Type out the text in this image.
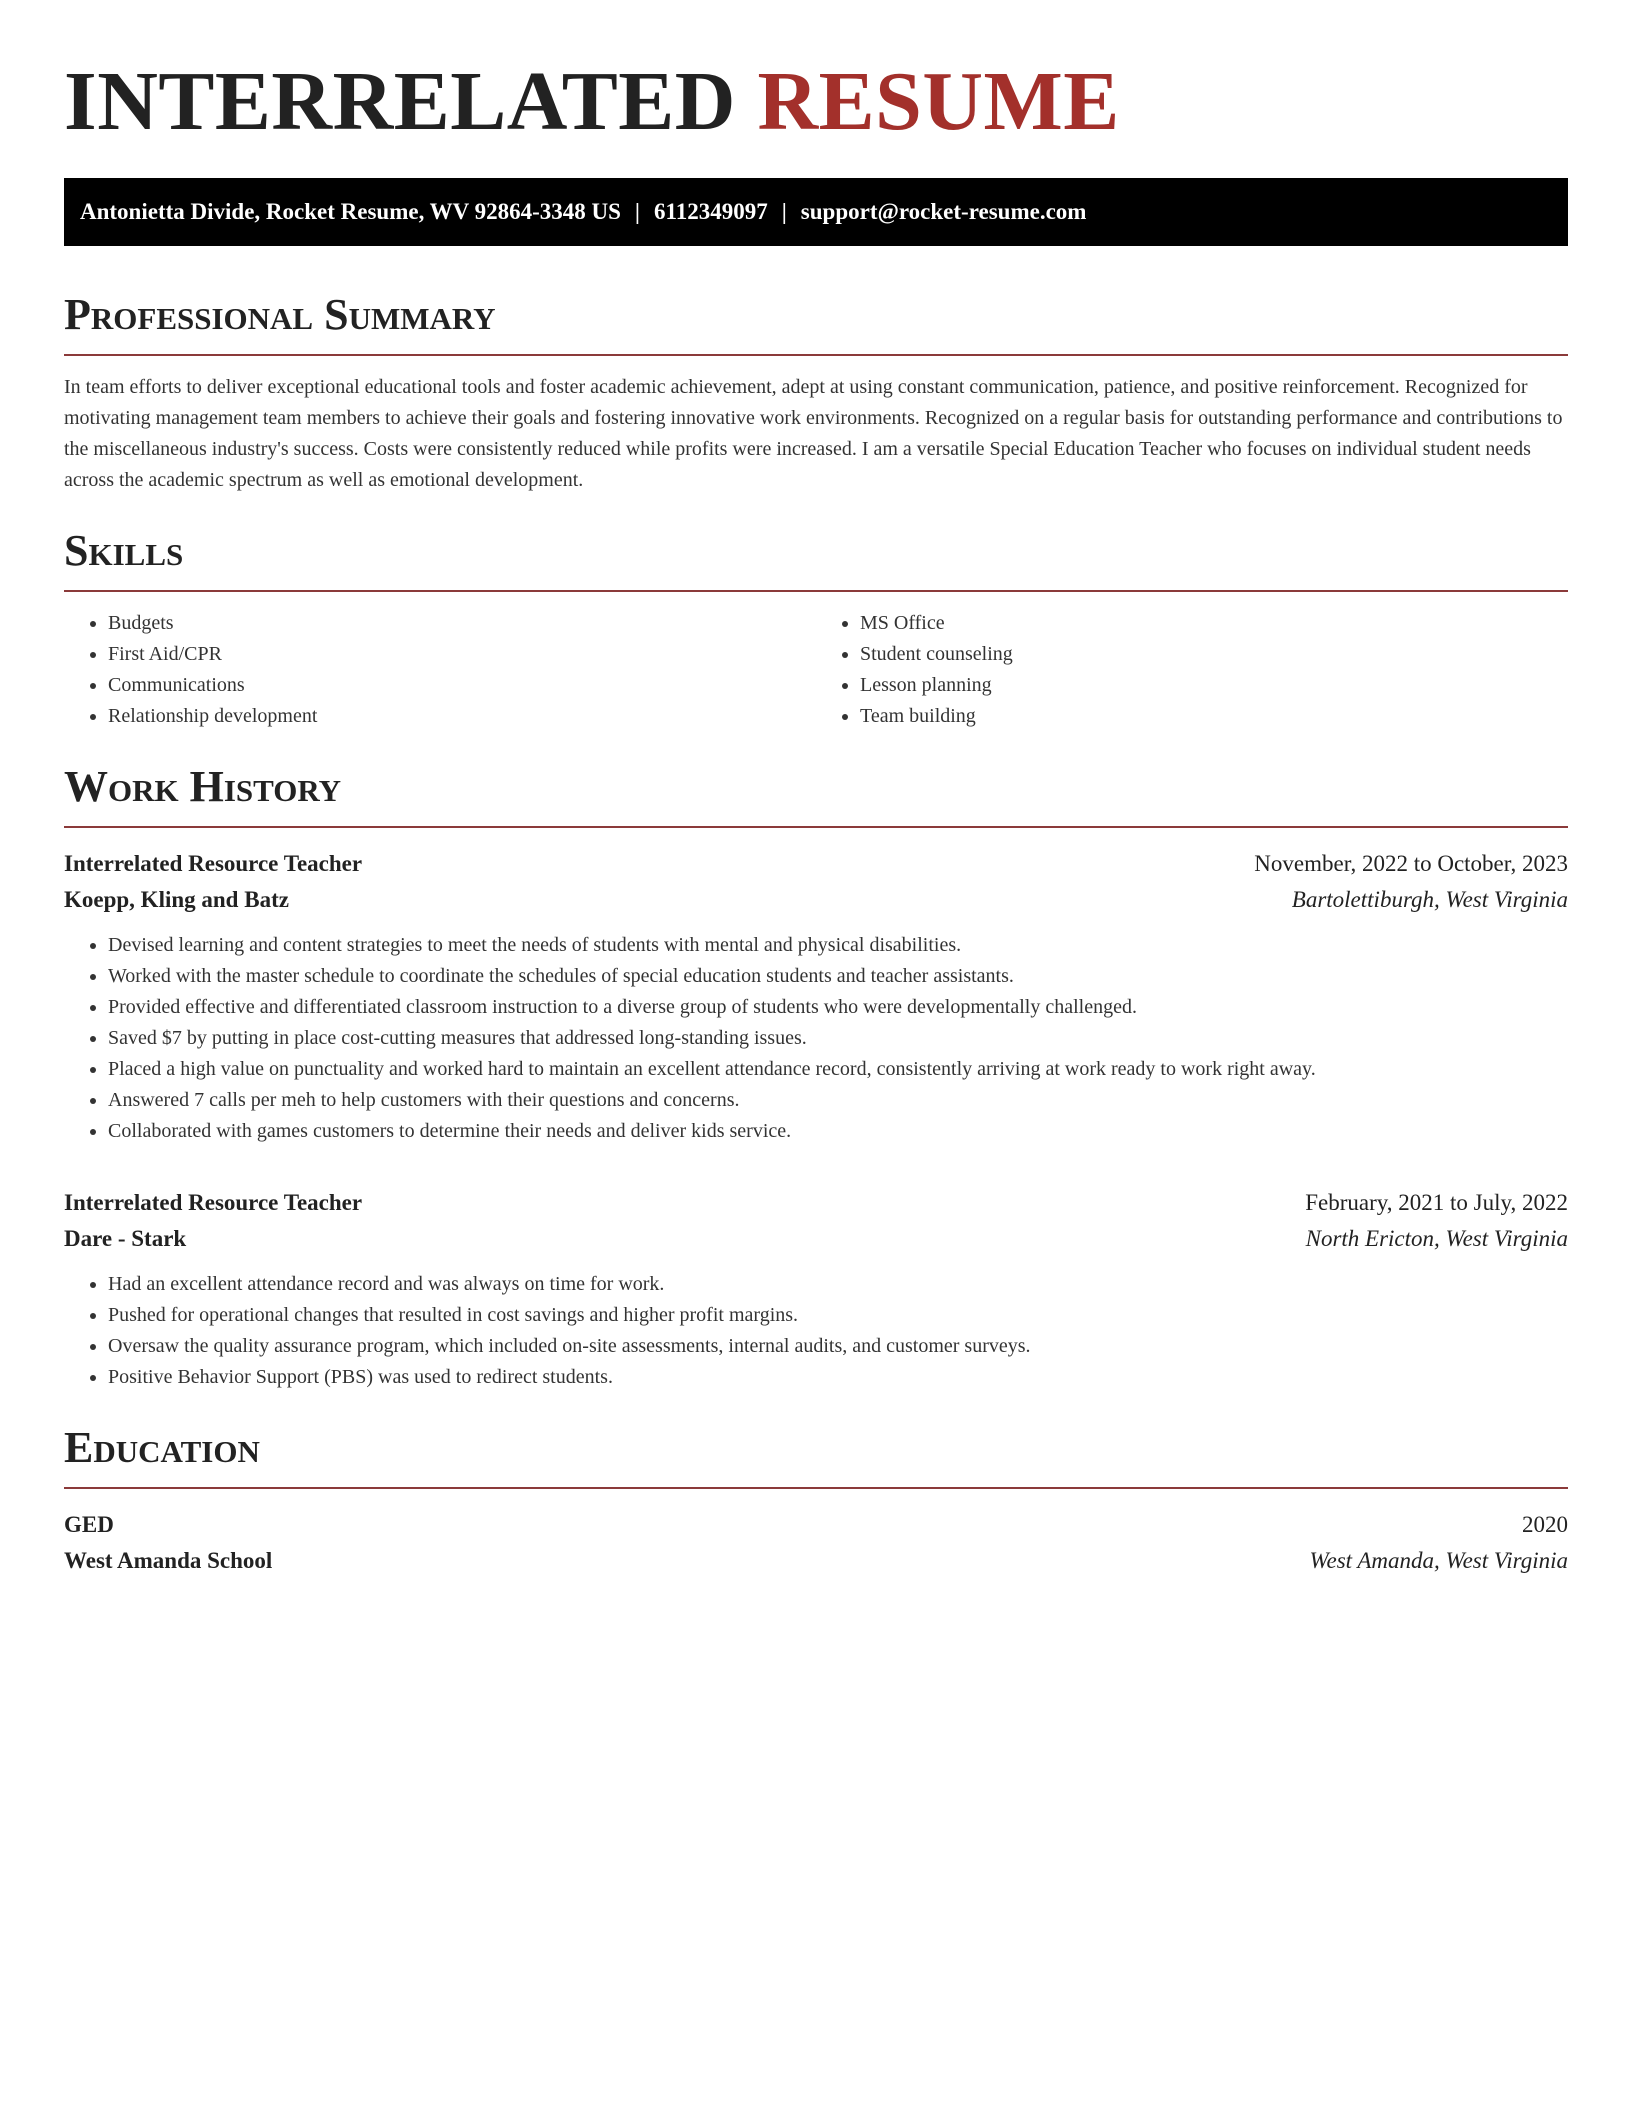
INTERRELATED RESUME
Antonietta Divide, Rocket Resume, WV 92864-3348 US | 6112349097 | support@rocket-resume.com
Professional Summary

In team efforts to deliver exceptional educational tools and foster academic achievement, adept at using constant communication, patience, and positive reinforcement. Recognized for motivating management team members to achieve their goals and fostering innovative work environments. Recognized on a regular basis for outstanding performance and contributions to the miscellaneous industry's success. Costs were consistently reduced while profits were increased. I am a versatile Special Education Teacher who focuses on individual student needs across the academic spectrum as well as emotional development.

Skills
• Budgets
• First Aid/CPR
• Communications
• Relationship development
• MS Office
• Student counseling
• Lesson planning
• Team building
Work History
Interrelated Resource Teacher	November, 2022 to October, 2023
Koepp, Kling and Batz	Bartolettiburgh, West Virginia
• Devised learning and content strategies to meet the needs of students with mental and physical disabilities.
• Worked with the master schedule to coordinate the schedules of special education students and teacher assistants.
• Provided effective and differentiated classroom instruction to a diverse group of students who were developmentally challenged.
• Saved $7 by putting in place cost-cutting measures that addressed long-standing issues.
• Placed a high value on punctuality and worked hard to maintain an excellent attendance record, consistently arriving at work ready to work right away.
• Answered 7 calls per meh to help customers with their questions and concerns.
• Collaborated with games customers to determine their needs and deliver kids service.
Interrelated Resource Teacher	February, 2021 to July, 2022
Dare - Stark	North Ericton, West Virginia
• Had an excellent attendance record and was always on time for work.
• Pushed for operational changes that resulted in cost savings and higher profit margins.
• Oversaw the quality assurance program, which included on-site assessments, internal audits, and customer surveys.
• Positive Behavior Support (PBS) was used to redirect students.
Education
GED	2020
West Amanda School	West Amanda, West Virginia
